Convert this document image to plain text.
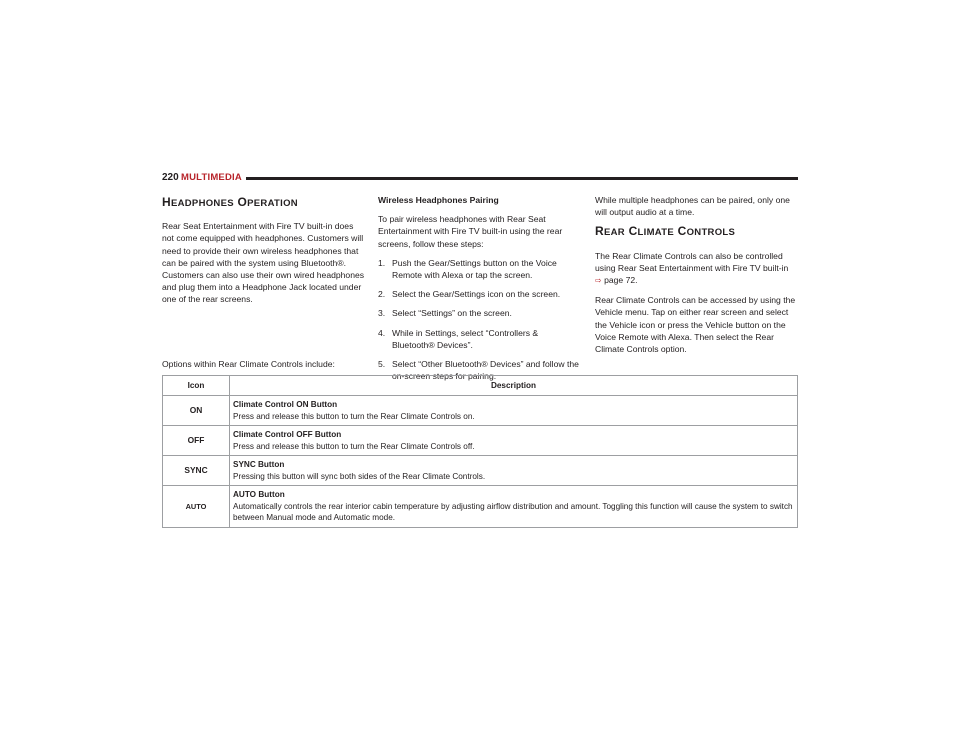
220 MULTIMEDIA
HEADPHONES OPERATION

Rear Seat Entertainment with Fire TV built-in does not come equipped with headphones. Customers will need to provide their own wireless headphones that can be paired with the system using Bluetooth®. Customers can also use their own wired headphones and plug them into a Headphone Jack located under one of the rear screens.

Wireless Headphones Pairing

To pair wireless headphones with Rear Seat Entertainment with Fire TV built-in using the rear screens, follow these steps:

1. Push the Gear/Settings button on the Voice Remote with Alexa or tap the screen.
2. Select the Gear/Settings icon on the screen.
3. Select “Settings” on the screen.
4. While in Settings, select “Controllers & Bluetooth® Devices”.
5. Select “Other Bluetooth® Devices” and follow the on-screen steps for pairing.

While multiple headphones can be paired, only one will output audio at a time.

REAR CLIMATE CONTROLS

The Rear Climate Controls can also be controlled using Rear Seat Entertainment with Fire TV built-in
⇨ page 72.

Rear Climate Controls can be accessed by using the Vehicle menu. Tap on either rear screen and select the Vehicle icon or press the Vehicle button on the Voice Remote with Alexa. Then select the Rear Climate Controls option.

Options within Rear Climate Controls include:
Icon	Description
ON	Climate Control ON Button
Press and release this button to turn the Rear Climate Controls on.
OFF	Climate Control OFF Button
Press and release this button to turn the Rear Climate Controls off.
SYNC	SYNC Button
Pressing this button will sync both sides of the Rear Climate Controls.
AUTO	AUTO Button
Automatically controls the rear interior cabin temperature by adjusting airflow distribution and amount. Toggling this function will cause the system to switch between Manual mode and Automatic mode.
